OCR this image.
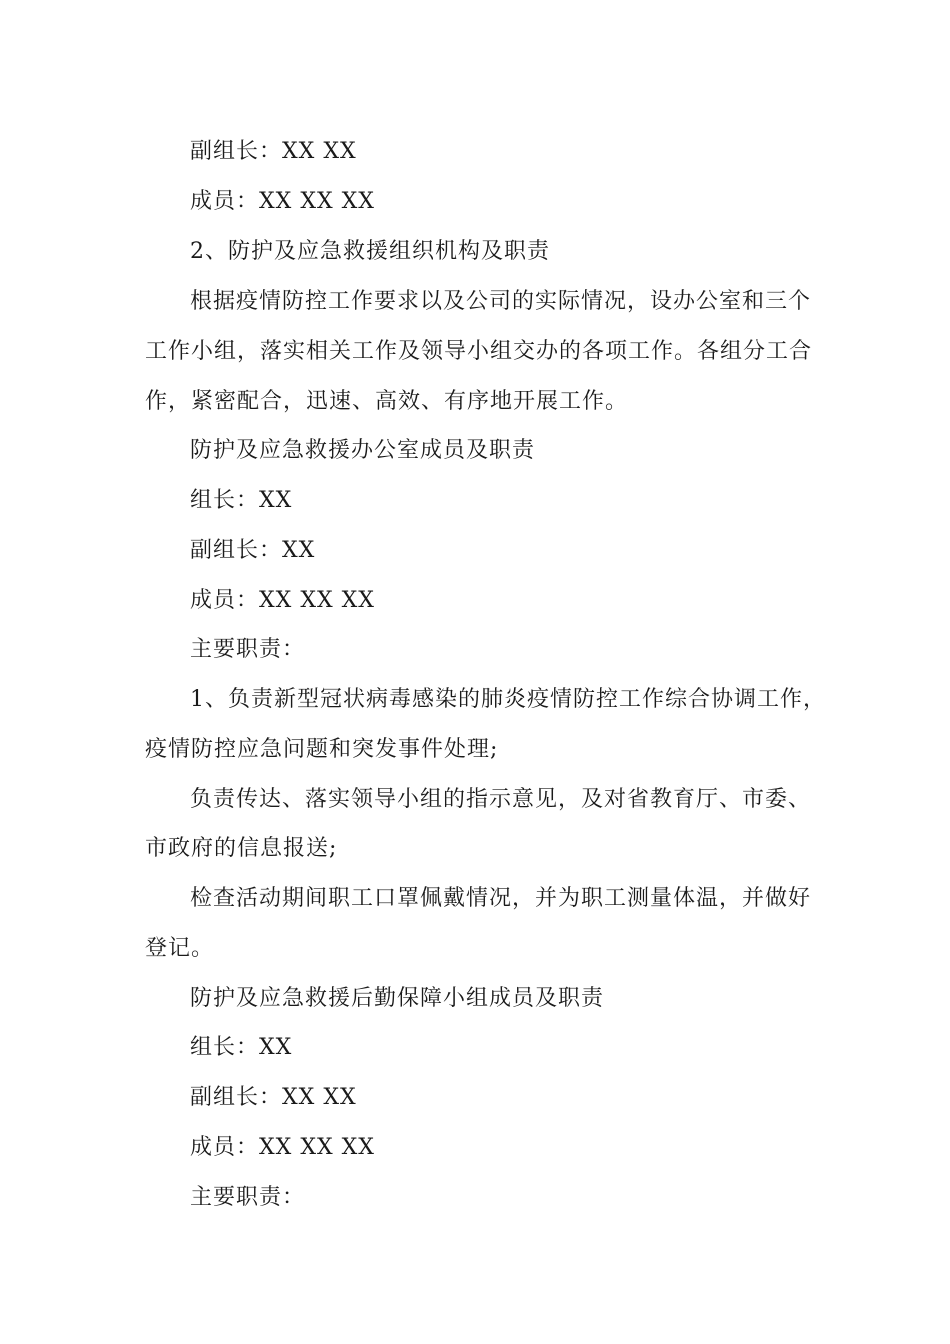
副组长：XX XX
成员：XX XX XX
2、防护及应急救援组织机构及职责
根据疫情防控工作要求以及公司的实际情况，设办公室和三个
工作小组，落实相关工作及领导小组交办的各项工作。各组分工合
作，紧密配合，迅速、高效、有序地开展工作。
防护及应急救援办公室成员及职责
组长：XX
副组长：XX
成员：XX XX XX
主要职责：
1、负责新型冠状病毒感染的肺炎疫情防控工作综合协调工作，
疫情防控应急问题和突发事件处理;
负责传达、落实领导小组的指示意见，及对省教育厅、市委、
市政府的信息报送;
检查活动期间职工口罩佩戴情况，并为职工测量体温，并做好
登记。
防护及应急救援后勤保障小组成员及职责
组长：XX
副组长：XX XX
成员：XX XX XX
主要职责：
